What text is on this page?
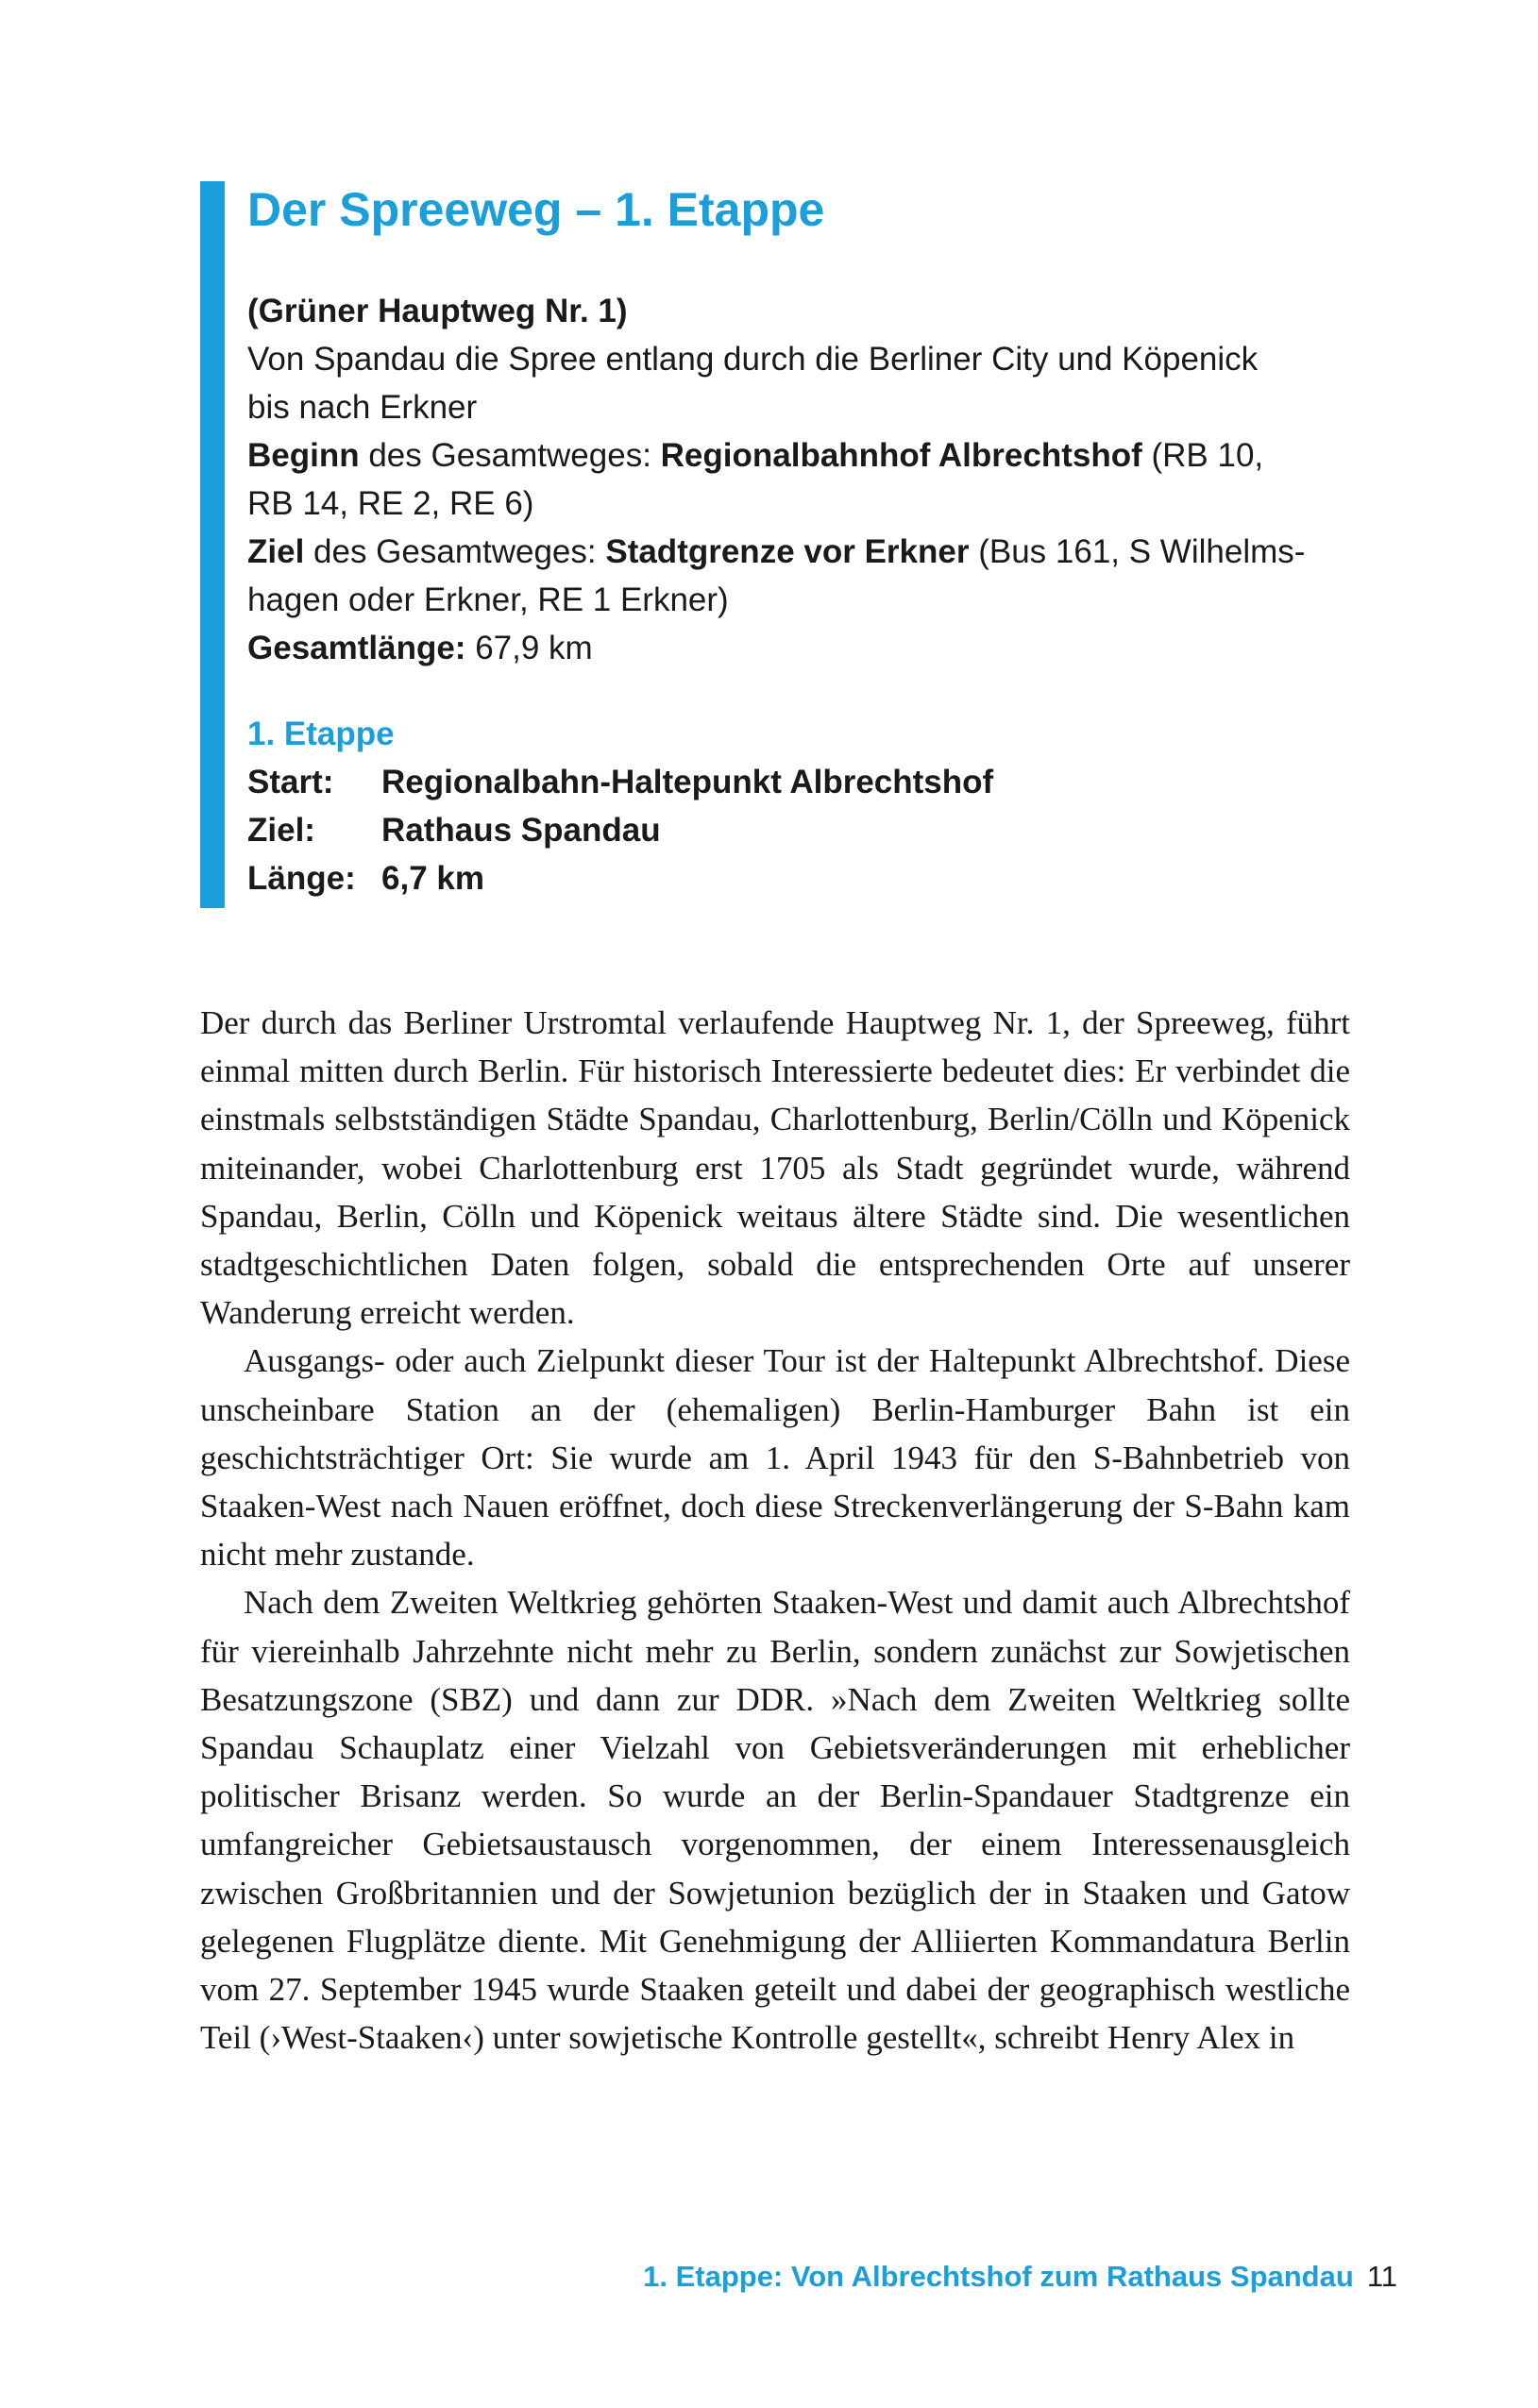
Der Spreeweg – 1. Etappe
(Grüner Hauptweg Nr. 1)
Von Spandau die Spree entlang durch die Berliner City und Köpenick
bis nach Erkner
Beginn des Gesamtweges: Regionalbahnhof Albrechtshof (RB 10,
RB 14, RE 2, RE 6)
Ziel des Gesamtweges: Stadtgrenze vor Erkner (Bus 161, S Wilhelms-
hagen oder Erkner, RE 1 Erkner)
Gesamtlänge: 67,9 km
1. Etappe
Start:	Regionalbahn-Haltepunkt Albrechtshof
Ziel:	Rathaus Spandau
Länge: 6,7 km

Der durch das Berliner Urstromtal verlaufende Hauptweg Nr. 1, der Spreeweg, führt einmal mitten durch Berlin. Für historisch Interessierte bedeutet dies: Er verbindet die einstmals selbstständigen Städte Spandau, Charlottenburg, Berlin/Cölln und Köpenick miteinander, wobei Charlottenburg erst 1705 als Stadt gegründet wurde, während Spandau, Berlin, Cölln und Köpenick weitaus ältere Städte sind. Die wesentlichen stadtgeschichtlichen Daten folgen, sobald die entsprechenden Orte auf unserer Wanderung erreicht werden.

Ausgangs- oder auch Zielpunkt dieser Tour ist der Haltepunkt Albrechtshof. Diese unscheinbare Station an der (ehemaligen) Berlin-Hamburger Bahn ist ein geschichtsträchtiger Ort: Sie wurde am 1. April 1943 für den S-Bahnbetrieb von Staaken-West nach Nauen eröffnet, doch diese Streckenverlängerung der S-Bahn kam nicht mehr zustande.

Nach dem Zweiten Weltkrieg gehörten Staaken-West und damit auch Albrechtshof für viereinhalb Jahrzehnte nicht mehr zu Berlin, sondern zunächst zur Sowjetischen Besatzungszone (SBZ) und dann zur DDR. »Nach dem Zweiten Weltkrieg sollte Spandau Schauplatz einer Vielzahl von Gebietsveränderungen mit erheblicher politischer Brisanz werden. So wurde an der Berlin-Spandauer Stadtgrenze ein umfangreicher Gebietsaustausch vorgenommen, der einem Interessenausgleich zwischen Großbritannien und der Sowjetunion bezüglich der in Staaken und Gatow gelegenen Flugplätze diente. Mit Genehmigung der Alliierten Kommandatura Berlin vom 27. September 1945 wurde Staaken geteilt und dabei der geographisch westliche Teil (›West-Staaken‹) unter sowjetische Kontrolle gestellt«, schreibt Henry Alex in

1. Etappe: Von Albrechtshof zum Rathaus Spandau 11
